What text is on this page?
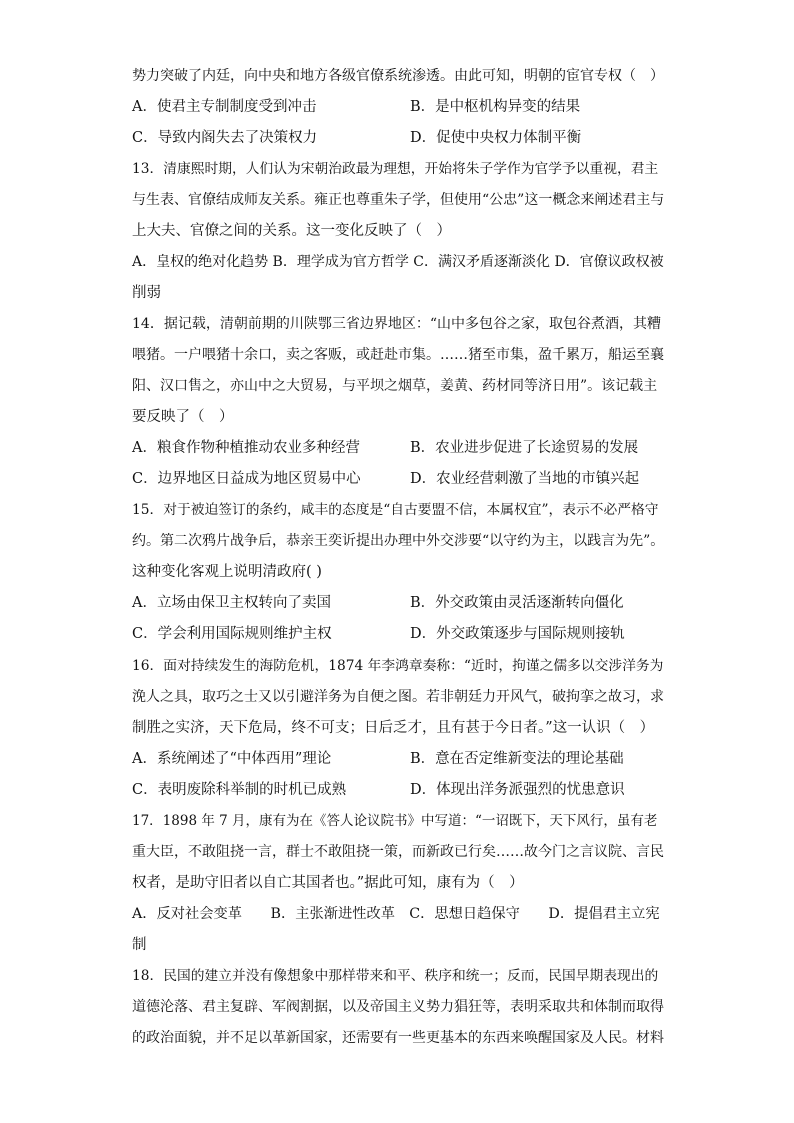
势力突破了内廷，向中央和地方各级官僚系统渗透。由此可知，明朝的宦官专权（　）
A．使君主专制制度受到冲击	B．是中枢机构异变的结果
C．导致内阁失去了决策权力	D．促使中央权力体制平衡
13．清康熙时期，人们认为宋朝治政最为理想，开始将朱子学作为官学予以重视，君主
与生表、官僚结成师友关系。雍正也尊重朱子学，但使用“公忠”这一概念来阐述君主与
上大夫、官僚之间的关系。这一变化反映了（　）
A．皇权的绝对化趋势 B．理学成为官方哲学 C．满汉矛盾逐渐淡化 D．官僚议政权被
削弱
14．据记载，清朝前期的川陕鄂三省边界地区：“山中多包谷之家，取包谷煮酒，其糟
喂猪。一户喂猪十余口，卖之客贩，或赶赴市集。……猪至市集，盈千累万，船运至襄
阳、汉口售之，亦山中之大贸易，与平坝之烟草，姜黄、药材同等济日用”。该记载主
要反映了（　）
A．粮食作物种植推动农业多种经营	B．农业进步促进了长途贸易的发展
C．边界地区日益成为地区贸易中心	D．农业经营刺激了当地的市镇兴起
15．对于被迫签订的条约，咸丰的态度是“自古要盟不信，本属权宜”，表示不必严格守
约。第二次鸦片战争后，恭亲王奕䜣提出办理中外交涉要“以守约为主，以践言为先”。
这种变化客观上说明清政府( )
A．立场由保卫主权转向了卖国	B．外交政策由灵活逐渐转向僵化
C．学会利用国际规则维护主权	D．外交政策逐步与国际规则接轨
16．面对持续发生的海防危机，1874 年李鸿章奏称：“近时，拘谨之儒多以交涉洋务为
浼人之具，取巧之士又以引避洋务为自便之图。若非朝廷力开风气，破拘挛之故习，求
制胜之实济，天下危局，终不可支；日后乏才，且有甚于今日者。”这一认识（　）
A．系统阐述了“中体西用”理论	B．意在否定维新变法的理论基础
C．表明废除科举制的时机已成熟	D．体现出洋务派强烈的忧患意识
17．1898 年 7 月，康有为在《答人论议院书》中写道：“一诏既下，天下风行，虽有老
重大臣，不敢阻挠一言，群士不敢阻挠一策，而新政已行矣……故今门之言议院、言民
权者，是助守旧者以自亡其国者也。”据此可知，康有为（　）
A．反对社会变革　　B．主张渐进性改革　C．思想日趋保守　　D．提倡君主立宪
制
18．民国的建立并没有像想象中那样带来和平、秩序和统一；反而，民国早期表现出的
道德沦落、君主复辟、军阀割据，以及帝国主义势力猖狂等，表明采取共和体制而取得
的政治面貌，并不足以革新国家，还需要有一些更基本的东西来唤醒国家及人民。材料
